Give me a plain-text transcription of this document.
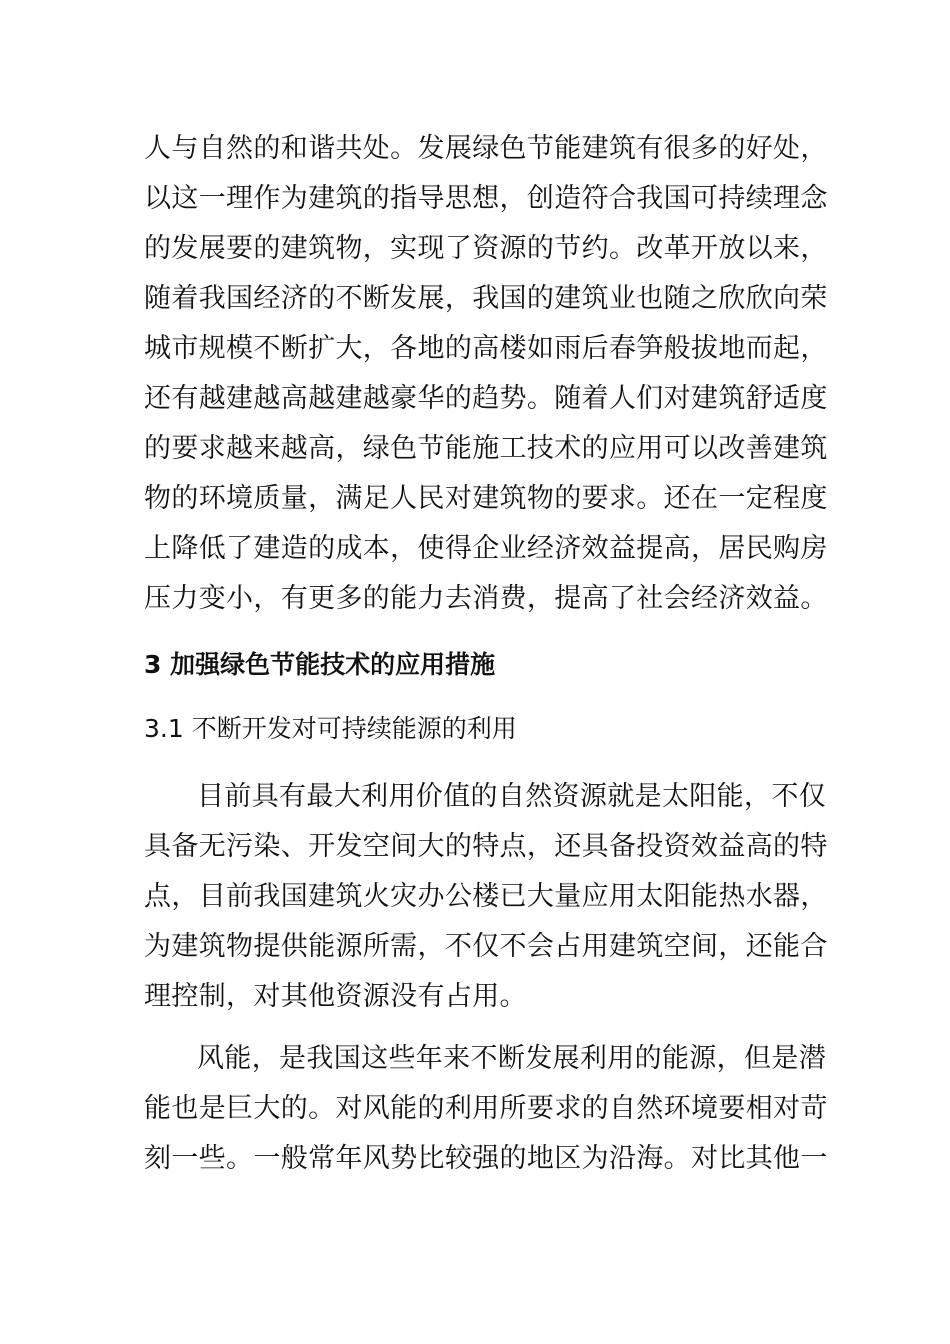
人与自然的和谐共处。发展绿色节能建筑有很多的好处，
以这一理作为建筑的指导思想，创造符合我国可持续理念
的发展要的建筑物，实现了资源的节约。改革开放以来，
随着我国经济的不断发展，我国的建筑业也随之欣欣向荣
城市规模不断扩大，各地的高楼如雨后春笋般拔地而起，
还有越建越高越建越豪华的趋势。随着人们对建筑舒适度
的要求越来越高，绿色节能施工技术的应用可以改善建筑
物的环境质量，满足人民对建筑物的要求。还在一定程度
上降低了建造的成本，使得企业经济效益提高，居民购房
压力变小，有更多的能力去消费，提高了社会经济效益。
3 加强绿色节能技术的应用措施
3.1 不断开发对可持续能源的利用
目前具有最大利用价值的自然资源就是太阳能，不仅
具备无污染、开发空间大的特点，还具备投资效益高的特
点，目前我国建筑火灾办公楼已大量应用太阳能热水器，
为建筑物提供能源所需，不仅不会占用建筑空间，还能合
理控制，对其他资源没有占用。
风能，是我国这些年来不断发展利用的能源，但是潜
能也是巨大的。对风能的利用所要求的自然环境要相对苛
刻一些。一般常年风势比较强的地区为沿海。对比其他一
